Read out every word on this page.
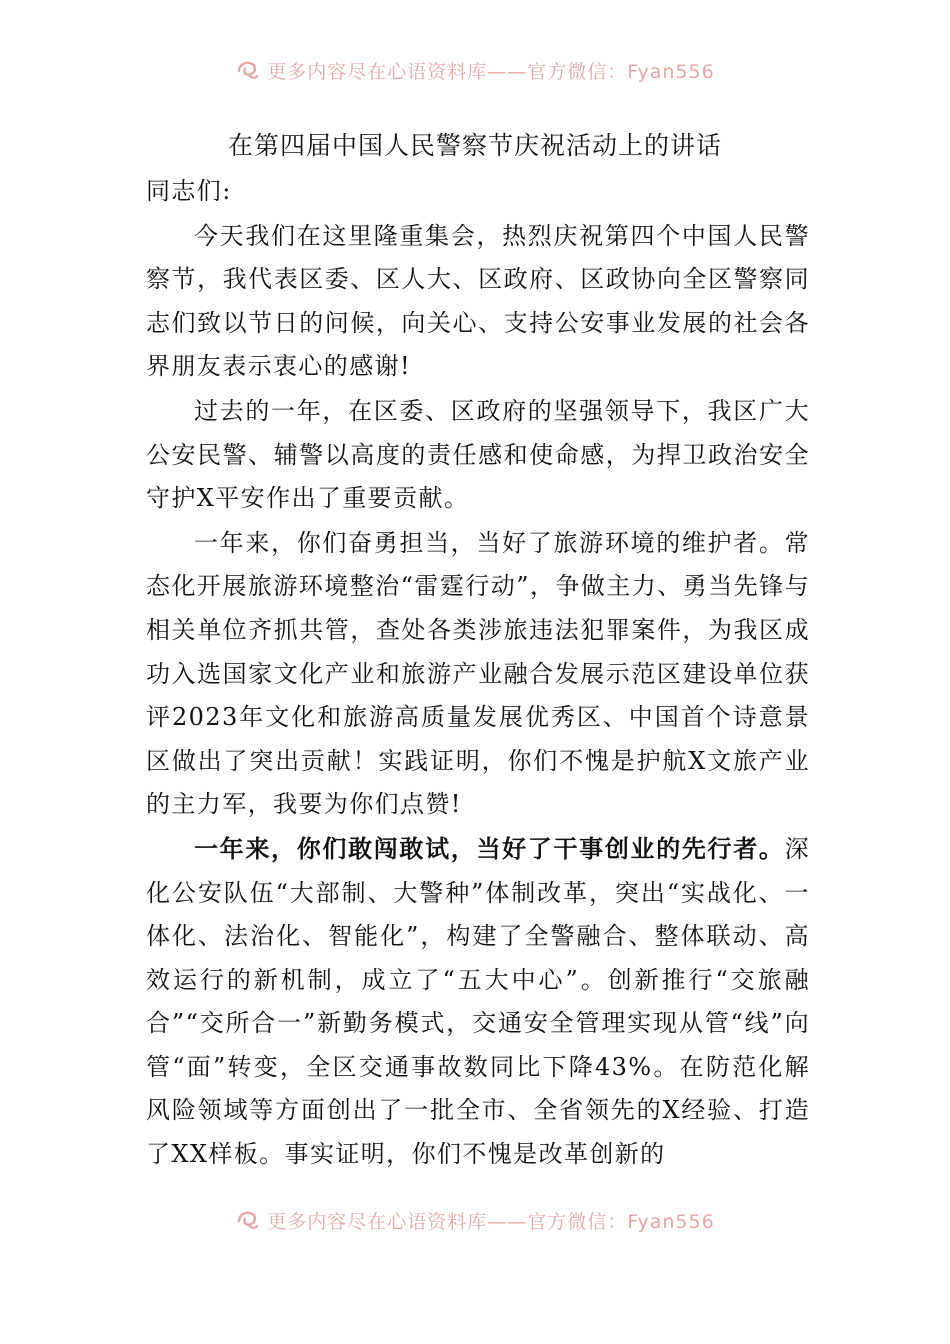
更多内容尽在心语资料库——官方微信：Fyan556
在第四届中国人民警察节庆祝活动上的讲话

同志们:

今天我们在这里隆重集会，热烈庆祝第四个中国人民警察节，我代表区委、区人大、区政府、区政协向全区警察同志们致以节日的问候，向关心、支持公安事业发展的社会各界朋友表示衷心的感谢!

过去的一年，在区委、区政府的坚强领导下，我区广大公安民警、辅警以高度的责任感和使命感，为捍卫政治安全守护X平安作出了重要贡献。

一年来，你们奋勇担当，当好了旅游环境的维护者。常态化开展旅游环境整治“雷霆行动”，争做主力、勇当先锋与相关单位齐抓共管，查处各类涉旅违法犯罪案件，为我区成功入选国家文化产业和旅游产业融合发展示范区建设单位获评2023年文化和旅游高质量发展优秀区、中国首个诗意景区做出了突出贡献！实践证明，你们不愧是护航X文旅产业的主力军，我要为你们点赞!

一年来，你们敢闯敢试，当好了干事创业的先行者。深化公安队伍“大部制、大警种”体制改革，突出“实战化、一体化、法治化、智能化”，构建了全警融合、整体联动、高效运行的新机制，成立了“五大中心”。创新推行“交旅融合”“交所合一”新勤务模式，交通安全管理实现从管“线”向管“面”转变，全区交通事故数同比下降43%。在防范化解风险领域等方面创出了一批全市、全省领先的X经验、打造了XX样板。事实证明，你们不愧是改革创新的

更多内容尽在心语资料库——官方微信：Fyan556
